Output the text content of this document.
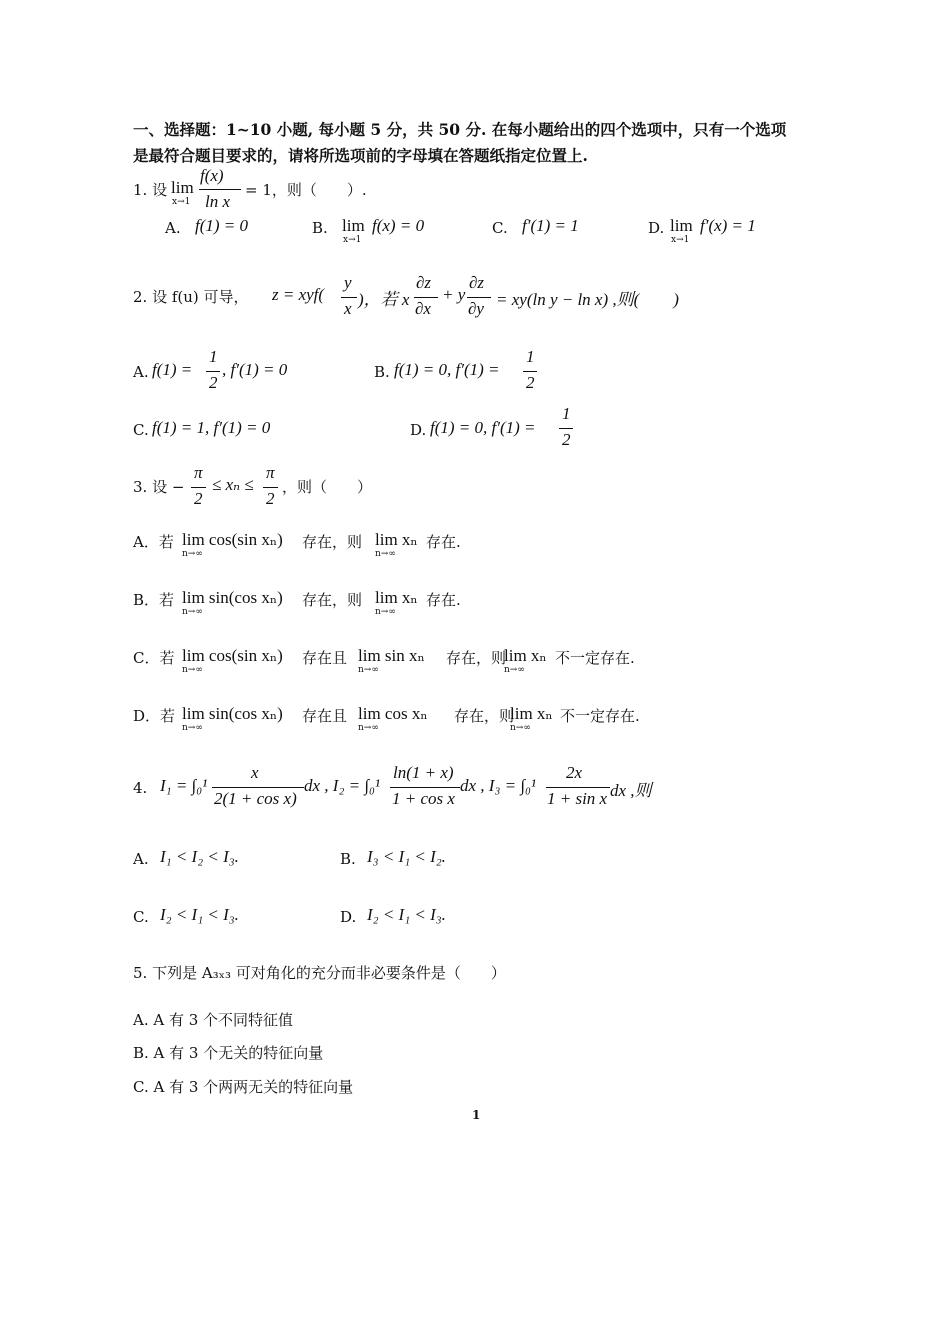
一、选择题：1~10 小题, 每小题 5 分，共 50 分. 在每小题给出的四个选项中，只有一个选项
是最符合题目要求的，请将所选项前的字母填在答题纸指定位置上.
1. 设 lim
x→1
f(x)
ln x
= 1，则（　　）.
A. f(1) = 0	B. lim
x→1
f(x) = 0	C. f′(1) = 1	D. lim
x→1
f′(x) = 1
2. 设 f(u) 可导， z = xyf(
y
x )，若 x
∂z
∂x
+ y
∂z
∂y = xy(ln y − ln x) ,则(　　)
A. f(1) =
1
2
, f′(1) = 0	B. f(1) = 0, f′(1) =
1
2
C. f(1) = 1, f′(1) = 0	D. f(1) = 0, f′(1) =
1
2
3. 设 −
π
2
≤ xₙ ≤
π
2
，则（　　）
A．若 lim cos(sin xₙ)
n→∞
存在，则 lim xₙ
n→∞
存在.
B．若 lim sin(cos xₙ)
n→∞
存在，则 lim xₙ
n→∞
存在.
C．若 lim cos(sin xₙ)
n→∞
存在且 lim sin xₙ
n→∞
存在，则
lim xₙ
n→∞
不一定存在.
D．若 lim sin(cos xₙ)
n→∞
存在且 lim cos xₙ
n→∞
存在，则
lim xₙ
n→∞
不一定存在.
4. I₁ = ∫₀¹
x
2(1 + cos x)
dx , I₂ = ∫₀¹
ln(1 + x)
1 + cos x
dx , I₃ = ∫₀¹
2x
1 + sin x dx ,则
A. I₁ < I₂ < I₃.	B. I₃ < I₁ < I₂.
C. I₂ < I₁ < I₃.	D. I₂ < I₁ < I₃.
5. 下列是 A₃ₓ₃ 可对角化的充分而非必要条件是（　　）
A. A 有 3 个不同特征值
B. A 有 3 个无关的特征向量
C. A 有 3 个两两无关的特征向量
1
